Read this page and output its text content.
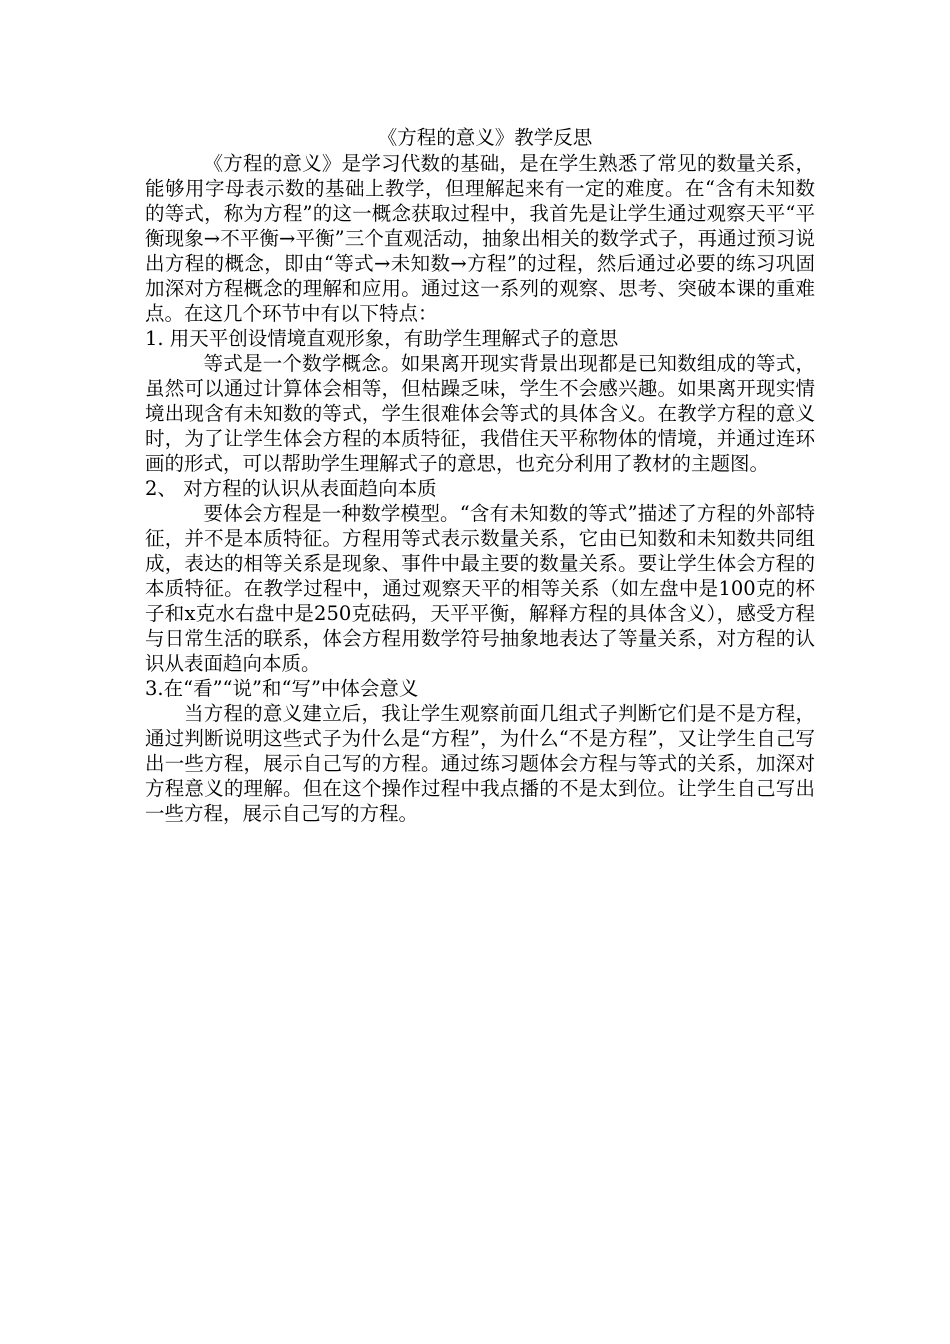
《方程的意义》教学反思

《方程的意义》是学习代数的基础，是在学生熟悉了常见的数量关系，能够用字母表示数的基础上教学，但理解起来有一定的难度。在“含有未知数的等式，称为方程”的这一概念获取过程中，我首先是让学生通过观察天平“平衡现象→不平衡→平衡”三个直观活动，抽象出相关的数学式子，再通过预习说出方程的概念，即由“等式→未知数→方程”的过程，然后通过必要的练习巩固加深对方程概念的理解和应用。通过这一系列的观察、思考、突破本课的重难点。在这几个环节中有以下特点：

1. 用天平创设情境直观形象，有助学生理解式子的意思

等式是一个数学概念。如果离开现实背景出现都是已知数组成的等式，虽然可以通过计算体会相等，但枯躁乏味，学生不会感兴趣。如果离开现实情境出现含有未知数的等式，学生很难体会等式的具体含义。在教学方程的意义时，为了让学生体会方程的本质特征，我借住天平称物体的情境，并通过连环画的形式，可以帮助学生理解式子的意思，也充分利用了教材的主题图。

2、 对方程的认识从表面趋向本质

要体会方程是一种数学模型。“含有未知数的等式”描述了方程的外部特征，并不是本质特征。方程用等式表示数量关系，它由已知数和未知数共同组成，表达的相等关系是现象、事件中最主要的数量关系。要让学生体会方程的本质特征。在教学过程中，通过观察天平的相等关系（如左盘中是100克的杯子和x克水右盘中是250克砝码，天平平衡，解释方程的具体含义），感受方程与日常生活的联系，体会方程用数学符号抽象地表达了等量关系，对方程的认识从表面趋向本质。

3.在“看”“说”和“写”中体会意义

当方程的意义建立后，我让学生观察前面几组式子判断它们是不是方程，通过判断说明这些式子为什么是“方程”，为什么“不是方程”，又让学生自己写出一些方程，展示自己写的方程。通过练习题体会方程与等式的关系，加深对方程意义的理解。但在这个操作过程中我点播的不是太到位。让学生自己写出一些方程，展示自己写的方程。
